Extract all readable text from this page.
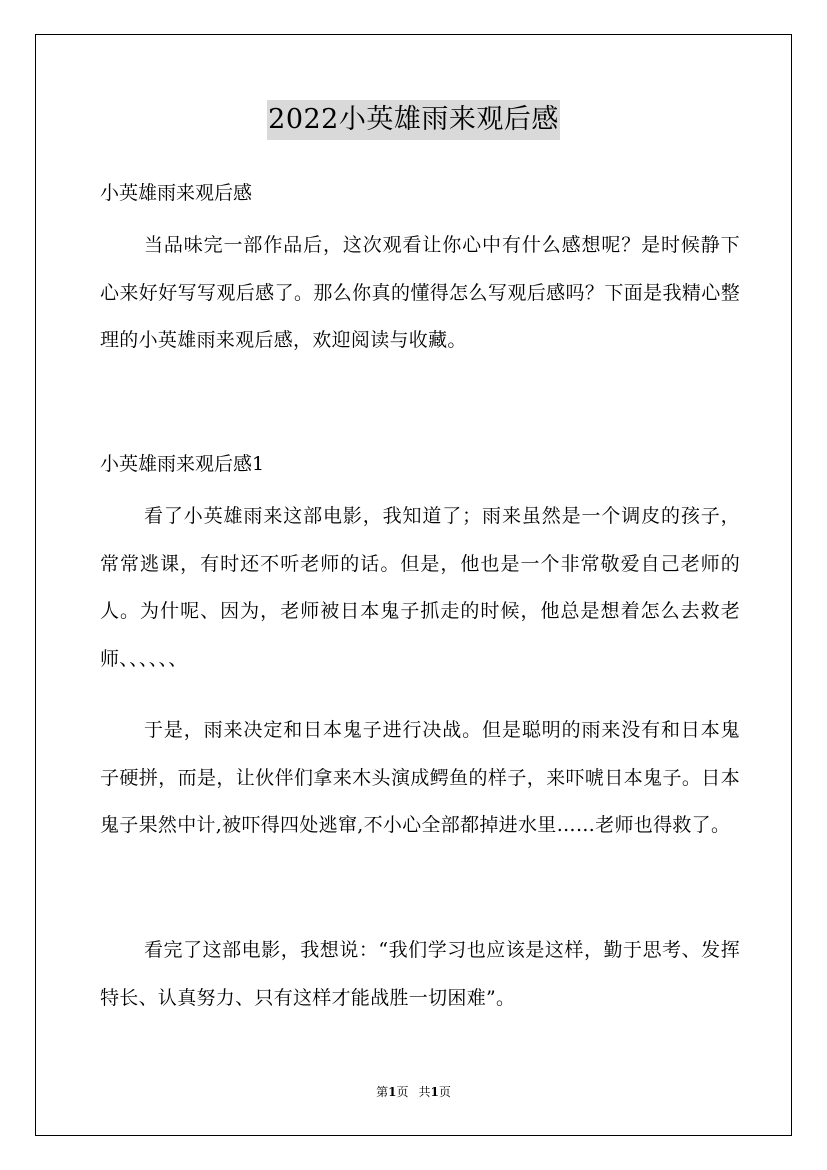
2022小英雄雨来观后感
小英雄雨来观后感

当品味完一部作品后，这次观看让你心中有什么感想呢？是时候静下心来好好写写观后感了。那么你真的懂得怎么写观后感吗？下面是我精心整理的小英雄雨来观后感，欢迎阅读与收藏。

小英雄雨来观后感1

看了小英雄雨来这部电影，我知道了；雨来虽然是一个调皮的孩子，常常逃课，有时还不听老师的话。但是，他也是一个非常敬爱自己老师的人。为什呢、因为，老师被日本鬼子抓走的时候，他总是想着怎么去救老师、、、、、、

于是，雨来决定和日本鬼子进行决战。但是聪明的雨来没有和日本鬼子硬拼，而是，让伙伴们拿来木头演成鳄鱼的样子，来吓唬日本鬼子。日本鬼子果然中计,被吓得四处逃窜,不小心全部都掉进水里……老师也得救了。

看完了这部电影，我想说：“我们学习也应该是这样，勤于思考、发挥特长、认真努力、只有这样才能战胜一切困难”。

第1页 共1页
